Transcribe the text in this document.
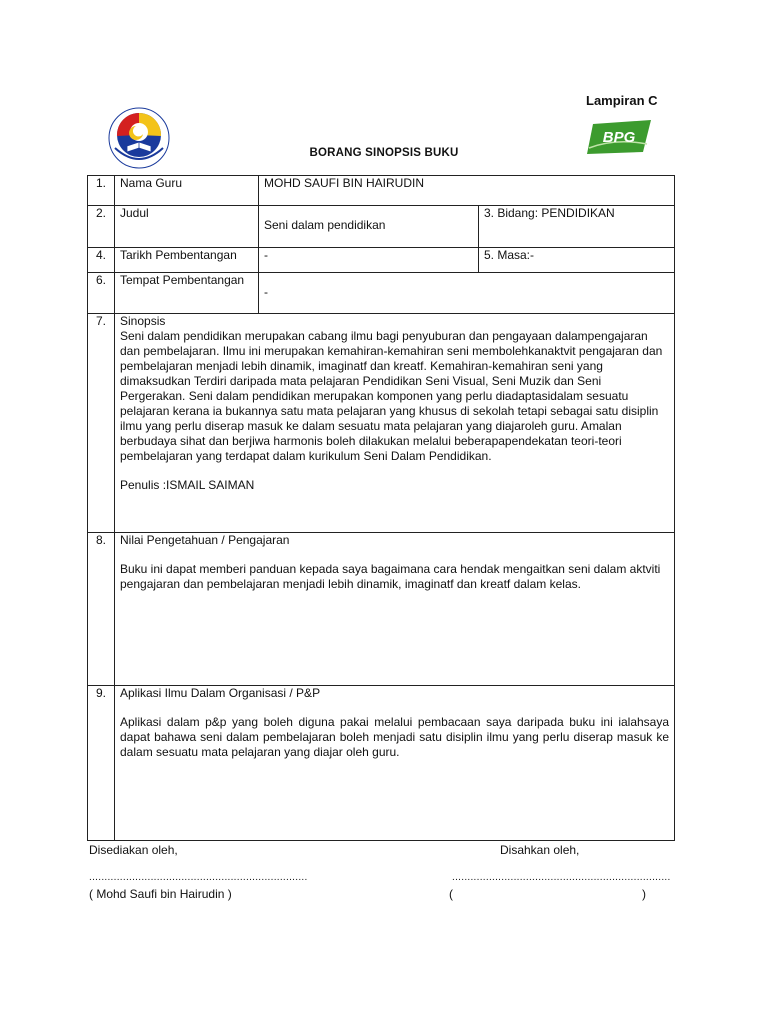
Lampiran C
BPG
BORANG SINOPSIS BUKU
1.	Nama Guru	MOHD SAUFI BIN HAIRUDIN	
2.	Judul	Seni dalam pendidikan	3. Bidang: PENDIDIKAN
4.	Tarikh Pembentangan	-	5. Masa:-
6.	Tempat Pembentangan	-	
7.	Sinopsis
Seni dalam pendidikan merupakan cabang ilmu bagi penyuburan dan pengayaan dalampengajaran dan pembelajaran. Ilmu ini merupakan kemahiran-kemahiran seni membolehkanaktvit pengajaran dan pembelajaran menjadi lebih dinamik, imaginatf dan kreatf. Kemahiran-kemahiran seni yang dimaksudkan Terdiri daripada mata pelajaran Pendidikan Seni Visual, Seni Muzik dan Seni Pergerakan. Seni dalam pendidikan merupakan komponen yang perlu diadaptasidalam sesuatu pelajaran kerana ia bukannya satu mata pelajaran yang khusus di sekolah tetapi sebagai satu disiplin ilmu yang perlu diserap masuk ke dalam sesuatu mata pelajaran yang diajaroleh guru. Amalan berbudaya sihat dan berjiwa harmonis boleh dilakukan melalui beberapapendekatan teori-teori pembelajaran yang terdapat dalam kurikulum Seni Dalam Pendidikan.
Penulis :ISMAIL SAIMAN		

8.	Nilai Pengetahuan / Pengajaran
Buku ini dapat memberi panduan kepada saya bagaimana cara hendak mengaitkan seni dalam aktviti pengajaran dan pembelajaran menjadi lebih dinamik, imaginatf dan kreatf dalam kelas.		

9.	Aplikasi Ilmu Dalam Organisasi / P&P
Aplikasi dalam p&p yang boleh diguna pakai melalui pembacaan saya daripada buku ini ialahsaya dapat bahawa seni dalam pembelajaran boleh menjadi satu disiplin ilmu yang perlu diserap masuk ke dalam sesuatu mata pelajaran yang diajar oleh guru.		
Disediakan oleh,	Disahkan oleh,
.......................................................................	.......................................................................
( Mohd Saufi bin Hairudin )	(	)
